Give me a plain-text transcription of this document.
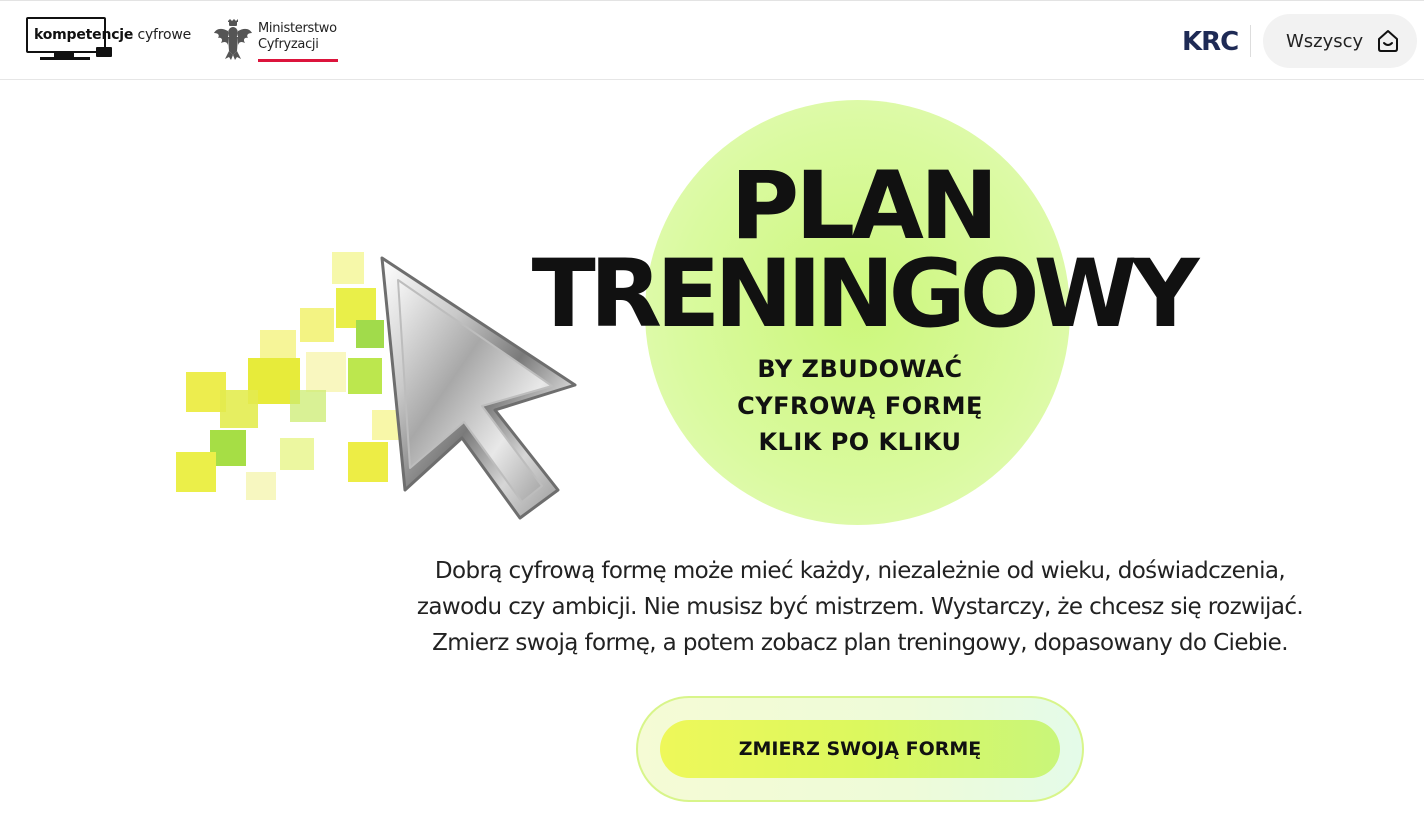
kompetencje cyfrowe	Ministerstwo
Cyfryzacji	KRC	Wszyscy
PLAN
TRENINGOWY
BY ZBUDOWAĆ
CYFROWĄ FORMĘ
KLIK PO KLIKU

Dobrą cyfrową formę może mieć każdy, niezależnie od wieku, doświadczenia,

zawodu czy ambicji. Nie musisz być mistrzem. Wystarczy, że chcesz się rozwijać.

Zmierz swoją formę, a potem zobacz plan treningowy, dopasowany do Ciebie.

ZMIERZ SWOJĄ FORMĘ
